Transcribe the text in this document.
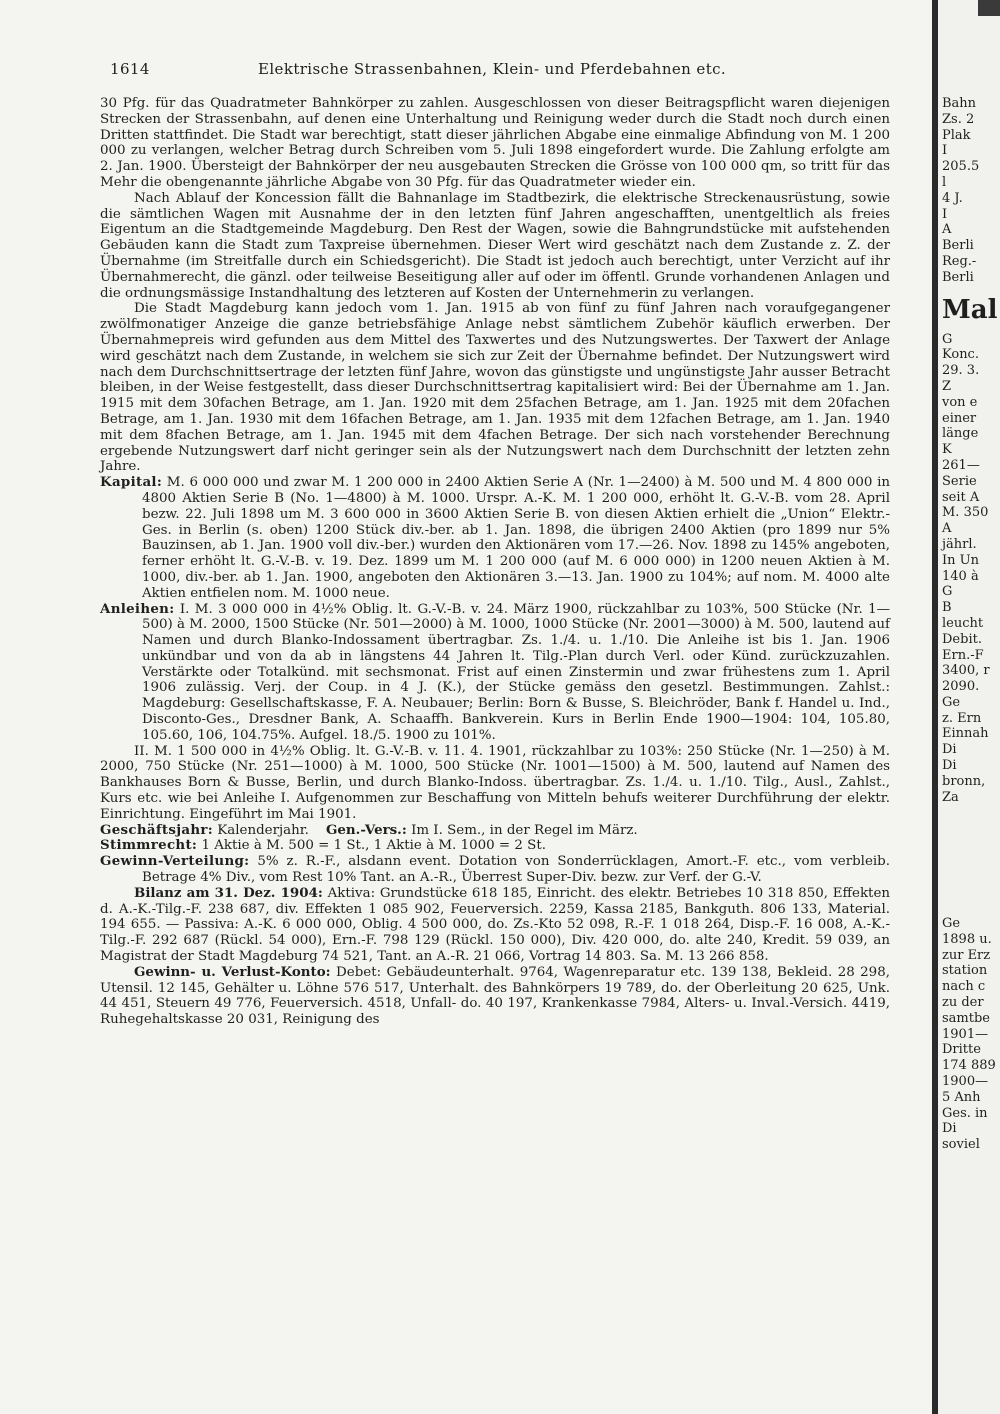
1614	Elektrische Strassenbahnen, Klein- und Pferdebahnen etc.

30 Pfg. für das Quadratmeter Bahnkörper zu zahlen. Ausgeschlossen von dieser Beitragspflicht waren diejenigen Strecken der Strassenbahn, auf denen eine Unterhaltung und Reinigung weder durch die Stadt noch durch einen Dritten stattfindet. Die Stadt war berechtigt, statt dieser jährlichen Abgabe eine einmalige Abfindung von M. 1 200 000 zu verlangen, welcher Betrag durch Schreiben vom 5. Juli 1898 eingefordert wurde. Die Zahlung erfolgte am 2. Jan. 1900. Übersteigt der Bahnkörper der neu ausgebauten Strecken die Grösse von 100 000 qm, so tritt für das Mehr die obengenannte jährliche Abgabe von 30 Pfg. für das Quadratmeter wieder ein.

Nach Ablauf der Koncession fällt die Bahnanlage im Stadtbezirk, die elektrische Streckenausrüstung, sowie die sämtlichen Wagen mit Ausnahme der in den letzten fünf Jahren angeschafften, unentgeltlich als freies Eigentum an die Stadtgemeinde Magdeburg. Den Rest der Wagen, sowie die Bahngrundstücke mit aufstehenden Gebäuden kann die Stadt zum Taxpreise übernehmen. Dieser Wert wird geschätzt nach dem Zustande z. Z. der Übernahme (im Streitfalle durch ein Schiedsgericht). Die Stadt ist jedoch auch berechtigt, unter Verzicht auf ihr Übernahmerecht, die gänzl. oder teilweise Beseitigung aller auf oder im öffentl. Grunde vorhandenen Anlagen und die ordnungsmässige Instandhaltung des letzteren auf Kosten der Unternehmerin zu verlangen.

Die Stadt Magdeburg kann jedoch vom 1. Jan. 1915 ab von fünf zu fünf Jahren nach voraufgegangener zwölfmonatiger Anzeige die ganze betriebsfähige Anlage nebst sämtlichem Zubehör käuflich erwerben. Der Übernahmepreis wird gefunden aus dem Mittel des Taxwertes und des Nutzungswertes. Der Taxwert der Anlage wird geschätzt nach dem Zustande, in welchem sie sich zur Zeit der Übernahme befindet. Der Nutzungswert wird nach dem Durchschnittsertrage der letzten fünf Jahre, wovon das günstigste und ungünstigste Jahr ausser Betracht bleiben, in der Weise festgestellt, dass dieser Durchschnittsertrag kapitalisiert wird: Bei der Übernahme am 1. Jan. 1915 mit dem 30fachen Betrage, am 1. Jan. 1920 mit dem 25fachen Betrage, am 1. Jan. 1925 mit dem 20fachen Betrage, am 1. Jan. 1930 mit dem 16fachen Betrage, am 1. Jan. 1935 mit dem 12fachen Betrage, am 1. Jan. 1940 mit dem 8fachen Betrage, am 1. Jan. 1945 mit dem 4fachen Betrage. Der sich nach vorstehender Berechnung ergebende Nutzungswert darf nicht geringer sein als der Nutzungswert nach dem Durchschnitt der letzten zehn Jahre.

Kapital: M. 6 000 000 und zwar M. 1 200 000 in 2400 Aktien Serie A (Nr. 1—2400) à M. 500 und M. 4 800 000 in 4800 Aktien Serie B (No. 1—4800) à M. 1000. Urspr. A.-K. M. 1 200 000, erhöht lt. G.-V.-B. vom 28. April bezw. 22. Juli 1898 um M. 3 600 000 in 3600 Aktien Serie B. von diesen Aktien erhielt die „Union“ Elektr.-Ges. in Berlin (s. oben) 1200 Stück div.-ber. ab 1. Jan. 1898, die übrigen 2400 Aktien (pro 1899 nur 5% Bauzinsen, ab 1. Jan. 1900 voll div.-ber.) wurden den Aktionären vom 17.—26. Nov. 1898 zu 145% angeboten, ferner erhöht lt. G.-V.-B. v. 19. Dez. 1899 um M. 1 200 000 (auf M. 6 000 000) in 1200 neuen Aktien à M. 1000, div.-ber. ab 1. Jan. 1900, angeboten den Aktionären 3.—13. Jan. 1900 zu 104%; auf nom. M. 4000 alte Aktien entfielen nom. M. 1000 neue.

Anleihen: I. M. 3 000 000 in 4½% Oblig. lt. G.-V.-B. v. 24. März 1900, rückzahlbar zu 103%, 500 Stücke (Nr. 1—500) à M. 2000, 1500 Stücke (Nr. 501—2000) à M. 1000, 1000 Stücke (Nr. 2001—3000) à M. 500, lautend auf Namen und durch Blanko-Indossament übertragbar. Zs. 1./4. u. 1./10. Die Anleihe ist bis 1. Jan. 1906 unkündbar und von da ab in längstens 44 Jahren lt. Tilg.-Plan durch Verl. oder Künd. zurückzuzahlen. Verstärkte oder Totalkünd. mit sechsmonat. Frist auf einen Zinstermin und zwar frühestens zum 1. April 1906 zulässig. Verj. der Coup. in 4 J. (K.), der Stücke gemäss den gesetzl. Bestimmungen. Zahlst.: Magdeburg: Gesellschaftskasse, F. A. Neubauer; Berlin: Born & Busse, S. Bleichröder, Bank f. Handel u. Ind., Disconto-Ges., Dresdner Bank, A. Schaaffh. Bankverein. Kurs in Berlin Ende 1900—1904: 104, 105.80, 105.60, 106, 104.75%. Aufgel. 18./5. 1900 zu 101%.

II. M. 1 500 000 in 4½% Oblig. lt. G.-V.-B. v. 11. 4. 1901, rückzahlbar zu 103%: 250 Stücke (Nr. 1—250) à M. 2000, 750 Stücke (Nr. 251—1000) à M. 1000, 500 Stücke (Nr. 1001—1500) à M. 500, lautend auf Namen des Bankhauses Born & Busse, Berlin, und durch Blanko-Indoss. übertragbar. Zs. 1./4. u. 1./10. Tilg., Ausl., Zahlst., Kurs etc. wie bei Anleihe I. Aufgenommen zur Beschaffung von Mitteln behufs weiterer Durchführung der elektr. Einrichtung. Eingeführt im Mai 1901.

Geschäftsjahr: Kalenderjahr. Gen.-Vers.: Im I. Sem., in der Regel im März.

Stimmrecht: 1 Aktie à M. 500 = 1 St., 1 Aktie à M. 1000 = 2 St.

Gewinn-Verteilung: 5% z. R.-F., alsdann event. Dotation von Sonderrücklagen, Amort.-F. etc., vom verbleib. Betrage 4% Div., vom Rest 10% Tant. an A.-R., Überrest Super-Div. bezw. zur Verf. der G.-V.

Bilanz am 31. Dez. 1904: Aktiva: Grundstücke 618 185, Einricht. des elektr. Betriebes 10 318 850, Effekten d. A.-K.-Tilg.-F. 238 687, div. Effekten 1 085 902, Feuerversich. 2259, Kassa 2185, Bankguth. 806 133, Material. 194 655. — Passiva: A.-K. 6 000 000, Oblig. 4 500 000, do. Zs.-Kto 52 098, R.-F. 1 018 264, Disp.-F. 16 008, A.-K.-Tilg.-F. 292 687 (Rückl. 54 000), Ern.-F. 798 129 (Rückl. 150 000), Div. 420 000, do. alte 240, Kredit. 59 039, an Magistrat der Stadt Magdeburg 74 521, Tant. an A.-R. 21 066, Vortrag 14 803. Sa. M. 13 266 858.

Gewinn- u. Verlust-Konto: Debet: Gebäudeunterhalt. 9764, Wagenreparatur etc. 139 138, Bekleid. 28 298, Utensil. 12 145, Gehälter u. Löhne 576 517, Unterhalt. des Bahnkörpers 19 789, do. der Oberleitung 20 625, Unk. 44 451, Steuern 49 776, Feuerversich. 4518, Unfall- do. 40 197, Krankenkasse 7984, Alters- u. Inval.-Versich. 4419, Ruhegehaltskasse 20 031, Reinigung des

Bahn
Zs. 2
Plak
I
205.5
l
4 J.
I
A
Berli
Reg.-
Berli
Mal
G
Konc.
29. 3.
Z
von e
einer
länge
K
261—
Serie
seit A
M. 350
A
jährl.
In Un
140 à
G
B
leucht
Debit.
Ern.-F
3400, r
2090.
Ge
z. Ern
Einnah
Di
Di
bronn,
Za
Ge
1898 u.
zur Erz
station
nach c
zu der
samtbe
1901—
Dritte
174 889
1900—
5 Anh
Ges. in
Di
soviel
